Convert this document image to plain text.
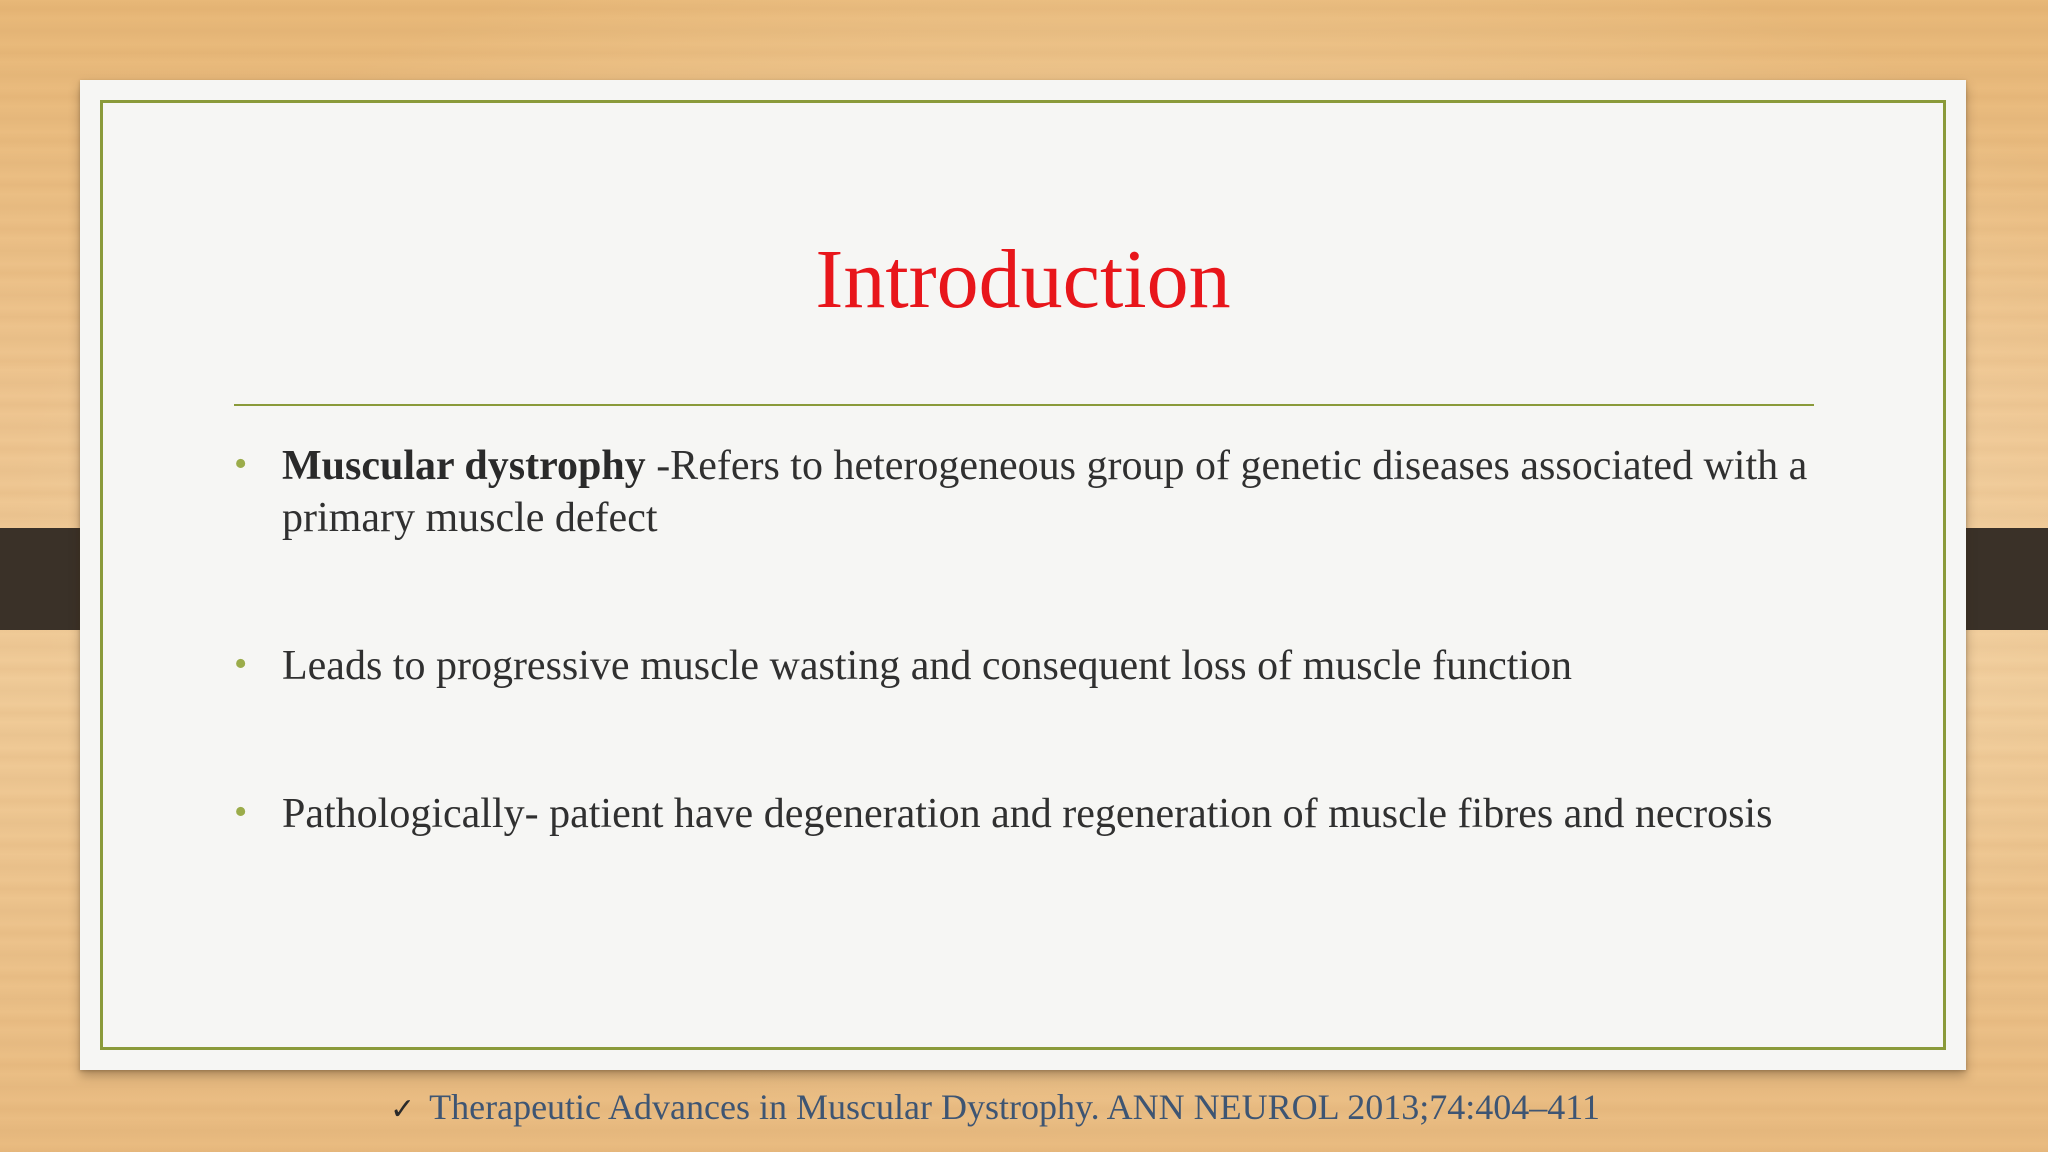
Introduction
• Muscular dystrophy -Refers to heterogeneous group of genetic diseases associated with a primary muscle defect
• Leads to progressive muscle wasting and consequent loss of muscle function
• Pathologically- patient have degeneration and regeneration of muscle fibres and necrosis
✓ Therapeutic Advances in Muscular Dystrophy. ANN NEUROL 2013;74:404–411
